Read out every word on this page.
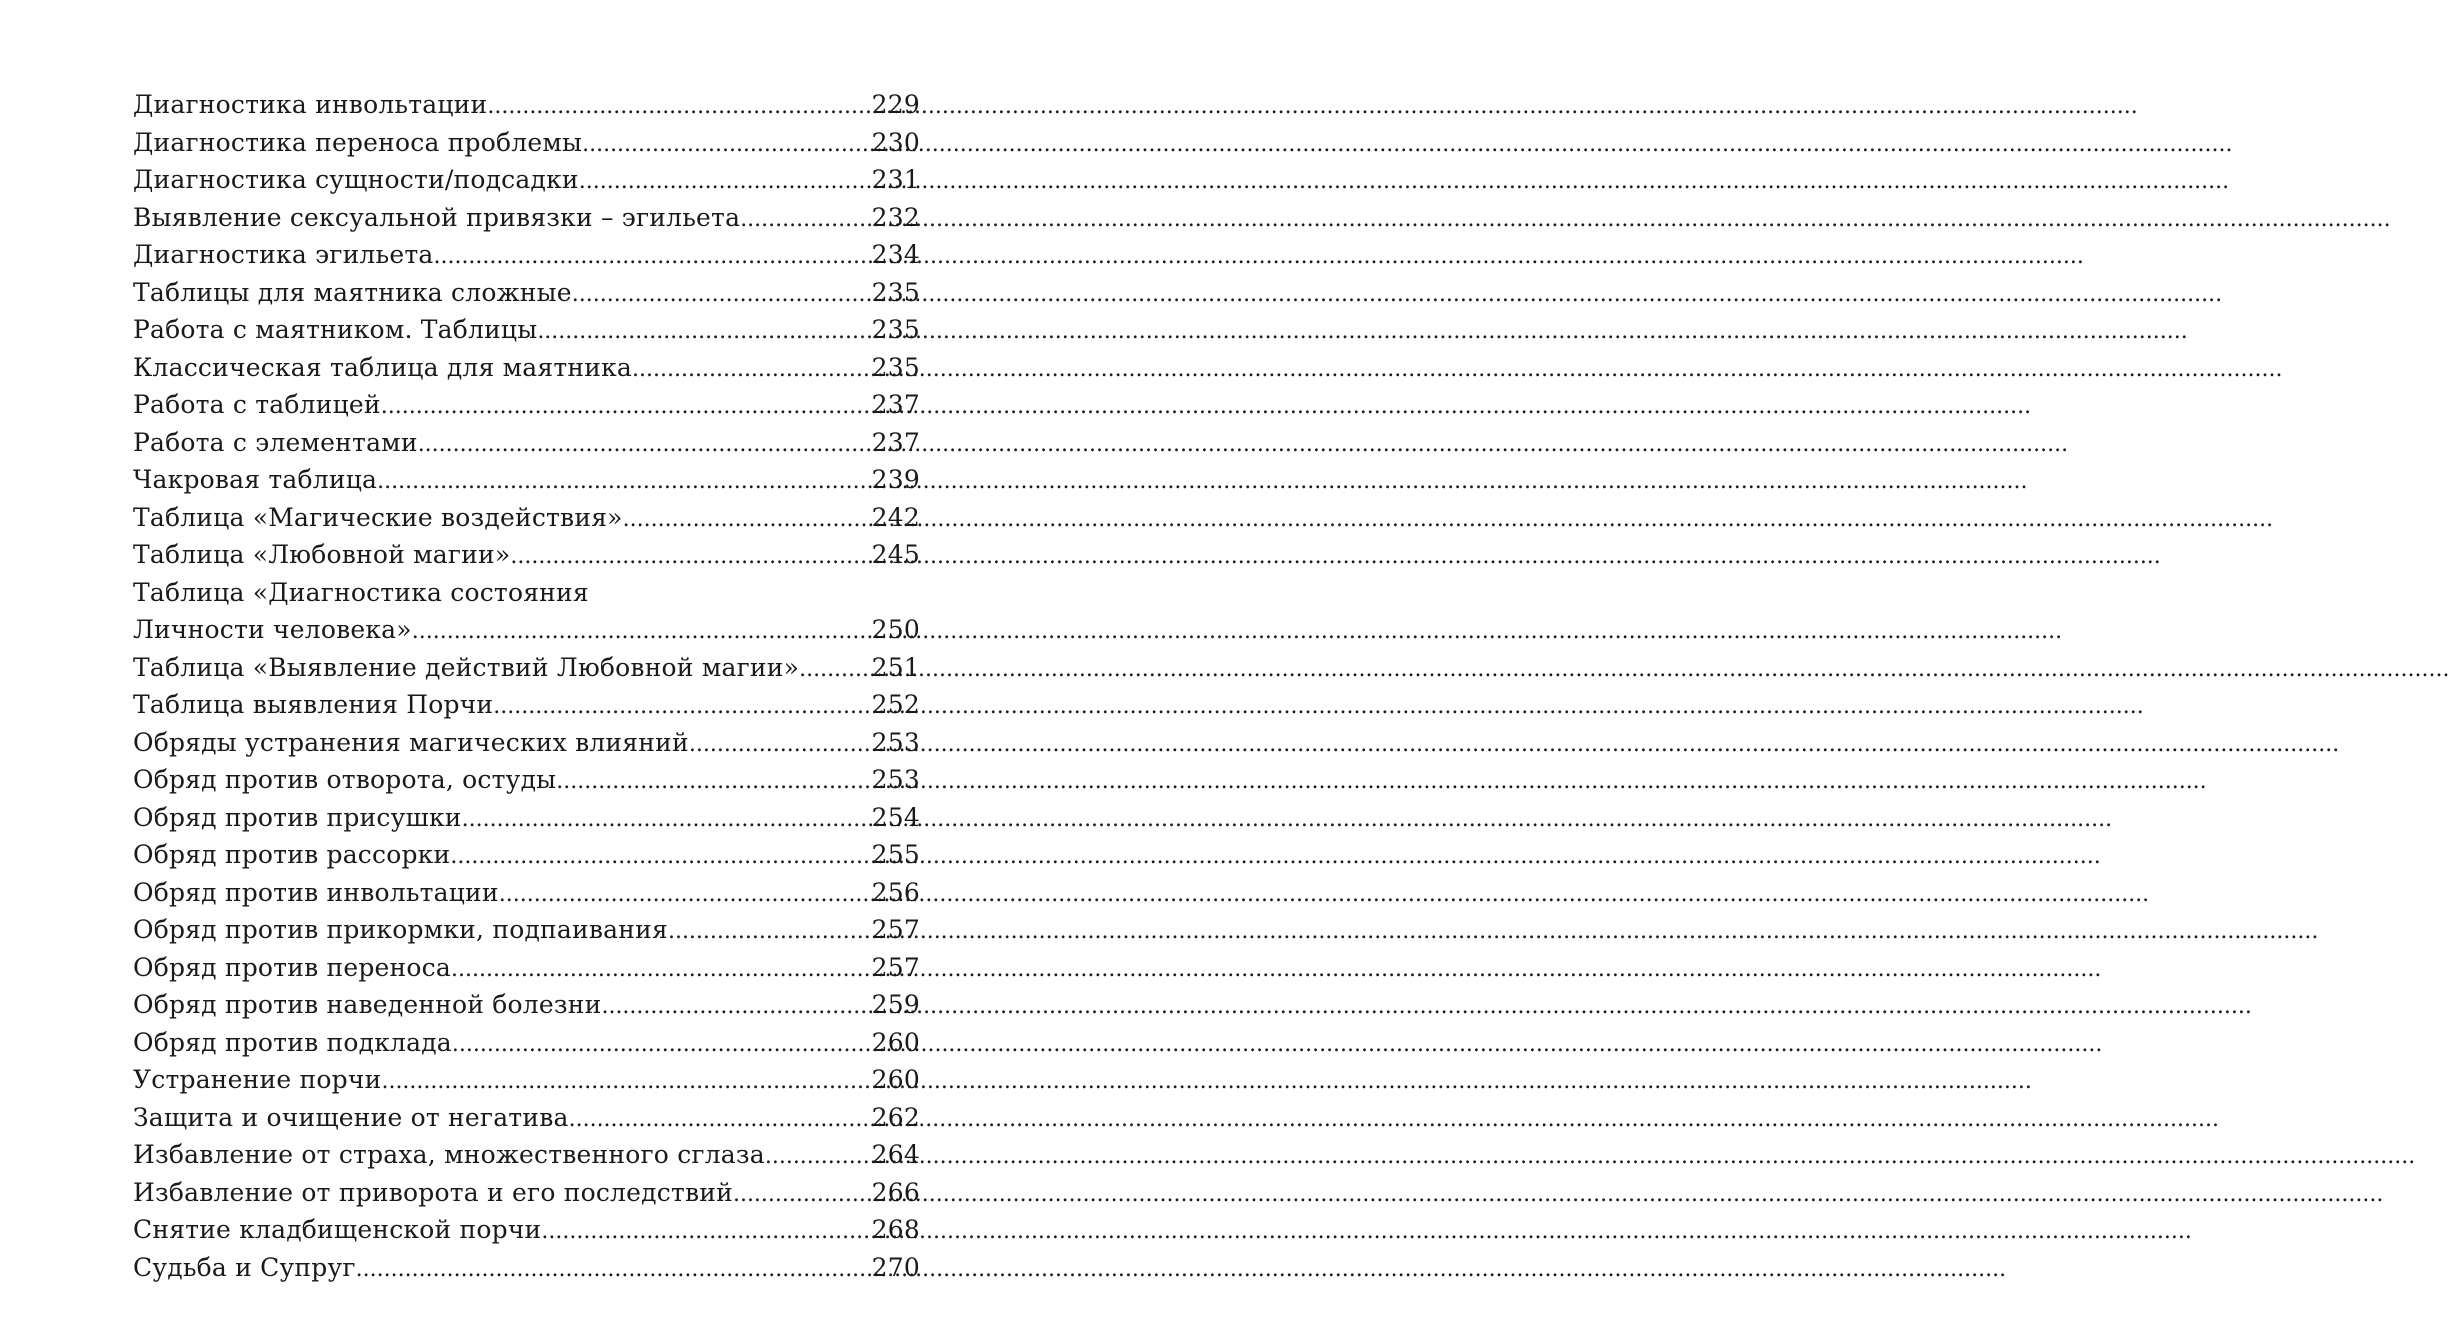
Диагностика инвольтации .....	229
Диагностика переноса проблемы .....	230
Диагностика сущности/подсадки .....	231
Выявление сексуальной привязки – эгильета .....	232
Диагностика эгильета .....	234
Таблицы для маятника сложные .....	235
Работа с маятником. Таблицы .....	235
Классическая таблица для маятника .....	235
Работа с таблицей .....	237
Работа с элементами .....	237
Чакровая таблица .....	239
Таблица «Магические воздействия» .....	242
Таблица «Любовной магии» .....	245
Таблица «Диагностика состояния
Личности человека» .....	250
Таблица «Выявление действий Любовной магии» .....	251
Таблица выявления Порчи .....	252
Обряды устранения магических влияний .....	253
Обряд против отворота, остуды .....	253
Обряд против присушки .....	254
Обряд против рассорки .....	255
Обряд против инвольтации .....	256
Обряд против прикормки, подпаивания .....	257
Обряд против переноса .....	257
Обряд против наведенной болезни .....	259
Обряд против подклада .....	260
Устранение порчи .....	260
Защита и очищение от негатива .....	262
Избавление от страха, множественного сглаза .....	264
Избавление от приворота и его последствий .....	266
Снятие кладбищенской порчи .....	268
Судьба и Супруг .....	270
